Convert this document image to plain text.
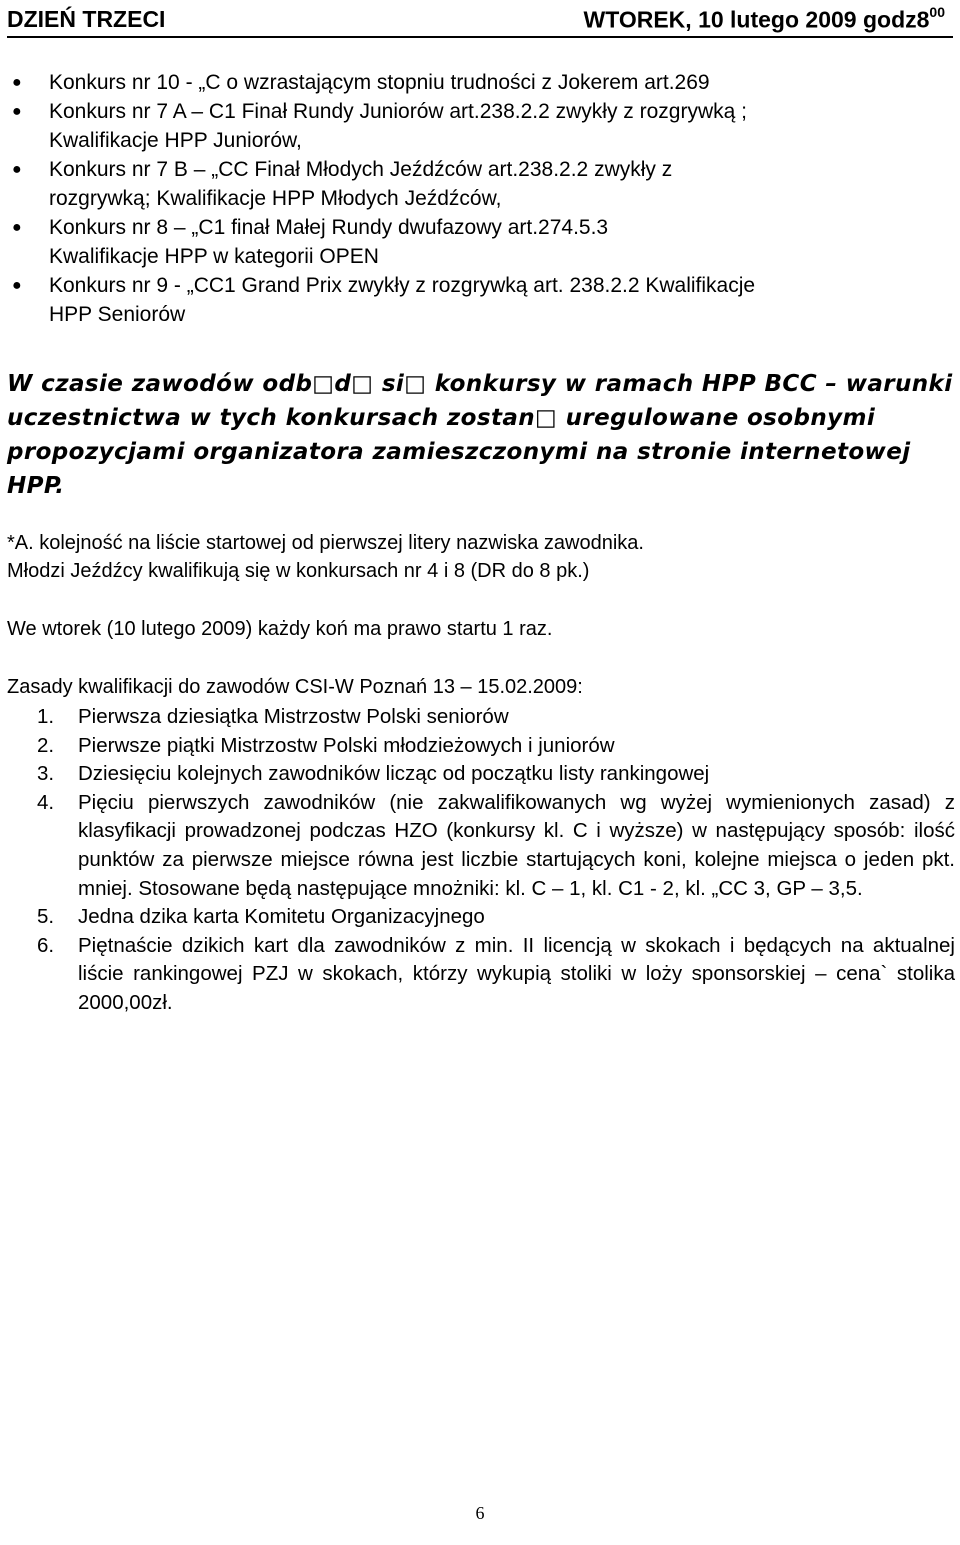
DZIEŃ TRZECI	WTOREK, 10 lutego 2009 $godz8^{00}$
● Konkurs nr 10 - „C o wzrastającym stopniu trudności z Jokerem art.269
● Konkurs nr 7 A – C1 Finał Rundy Juniorów art.238.2.2 zwykły z rozgrywką ;
Kwalifikacje HPP Juniorów,
● Konkurs nr 7 B – „CC Finał Młodych Jeźdźców art.238.2.2 zwykły z
rozgrywką; Kwalifikacje HPP Młodych Jeźdźców,
● Konkurs nr 8 – „C1 finał Małej Rundy dwufazowy art.274.5.3
Kwalifikacje HPP w kategorii OPEN
● Konkurs nr 9 - „CC1 Grand Prix zwykły z rozgrywką art. 238.2.2 Kwalifikacje
HPP Seniorów
W czasie zawodów odb□d□ si□ konkursy w ramach HPP BCC – warunki uczestnictwa w tych konkursach zostan□ uregulowane osobnymi propozycjami organizatora zamieszczonymi na stronie internetowej HPP.
*A. kolejność na liście startowej od pierwszej litery nazwiska zawodnika.
Młodzi Jeźdźcy kwalifikują się w konkursach nr 4 i 8 (DR do 8 pk.)
We wtorek (10 lutego 2009) każdy koń ma prawo startu 1 raz.
Zasady kwalifikacji do zawodów CSI-W Poznań 13 – 15.02.2009:
1. Pierwsza dziesiątka Mistrzostw Polski seniorów
2. Pierwsze piątki Mistrzostw Polski młodzieżowych i juniorów
3. Dziesięciu kolejnych zawodników licząc od początku listy rankingowej
4. Pięciu pierwszych zawodników (nie zakwalifikowanych wg wyżej wymienionych zasad) z klasyfikacji prowadzonej podczas HZO (konkursy kl. C i wyższe) w następujący sposób: ilość punktów za pierwsze miejsce równa jest liczbie startujących koni, kolejne miejsca o jeden pkt. mniej. Stosowane będą następujące mnożniki: kl. C – 1, kl. C1 - 2, kl. „CC 3, GP – 3,5.
5. Jedna dzika karta Komitetu Organizacyjnego
6. Piętnaście dzikich kart dla zawodników z min. II licencją w skokach i będących na aktualnej liście rankingowej PZJ w skokach, którzy wykupią stoliki w loży sponsorskiej – cena` stolika 2000,00zł.
6
